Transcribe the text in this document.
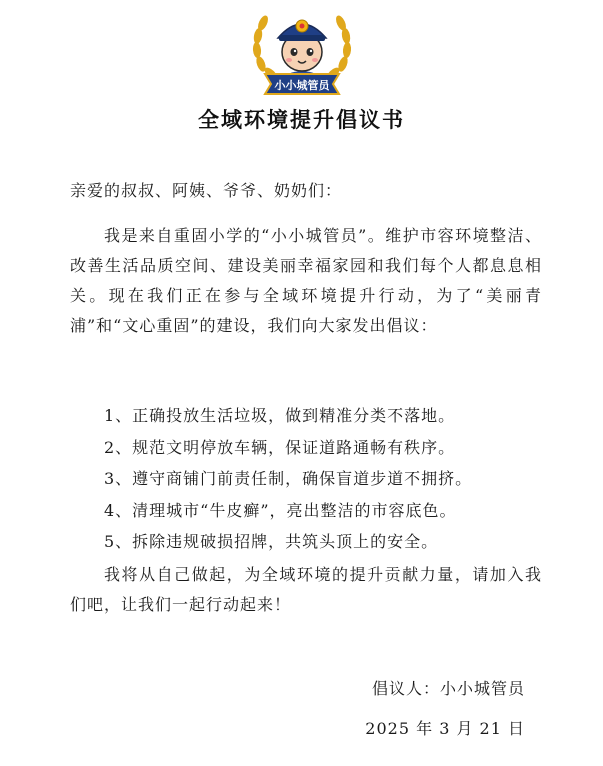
小小城管员
全域环境提升倡议书

亲爱的叔叔、阿姨、爷爷、奶奶们：

我是来自重固小学的“小小城管员”。维护市容环境整洁、改善生活品质空间、建设美丽幸福家园和我们每个人都息息相关。现在我们正在参与全域环境提升行动，为了“美丽青浦”和“文心重固”的建设，我们向大家发出倡议：

1、正确投放生活垃圾，做到精准分类不落地。
2、规范文明停放车辆，保证道路通畅有秩序。
3、遵守商铺门前责任制，确保盲道步道不拥挤。
4、清理城市“牛皮癣”，亮出整洁的市容底色。
5、拆除违规破损招牌，共筑头顶上的安全。

我将从自己做起，为全域环境的提升贡献力量，请加入我们吧，让我们一起行动起来！

倡议人：小小城管员

2025 年 3 月 21 日
